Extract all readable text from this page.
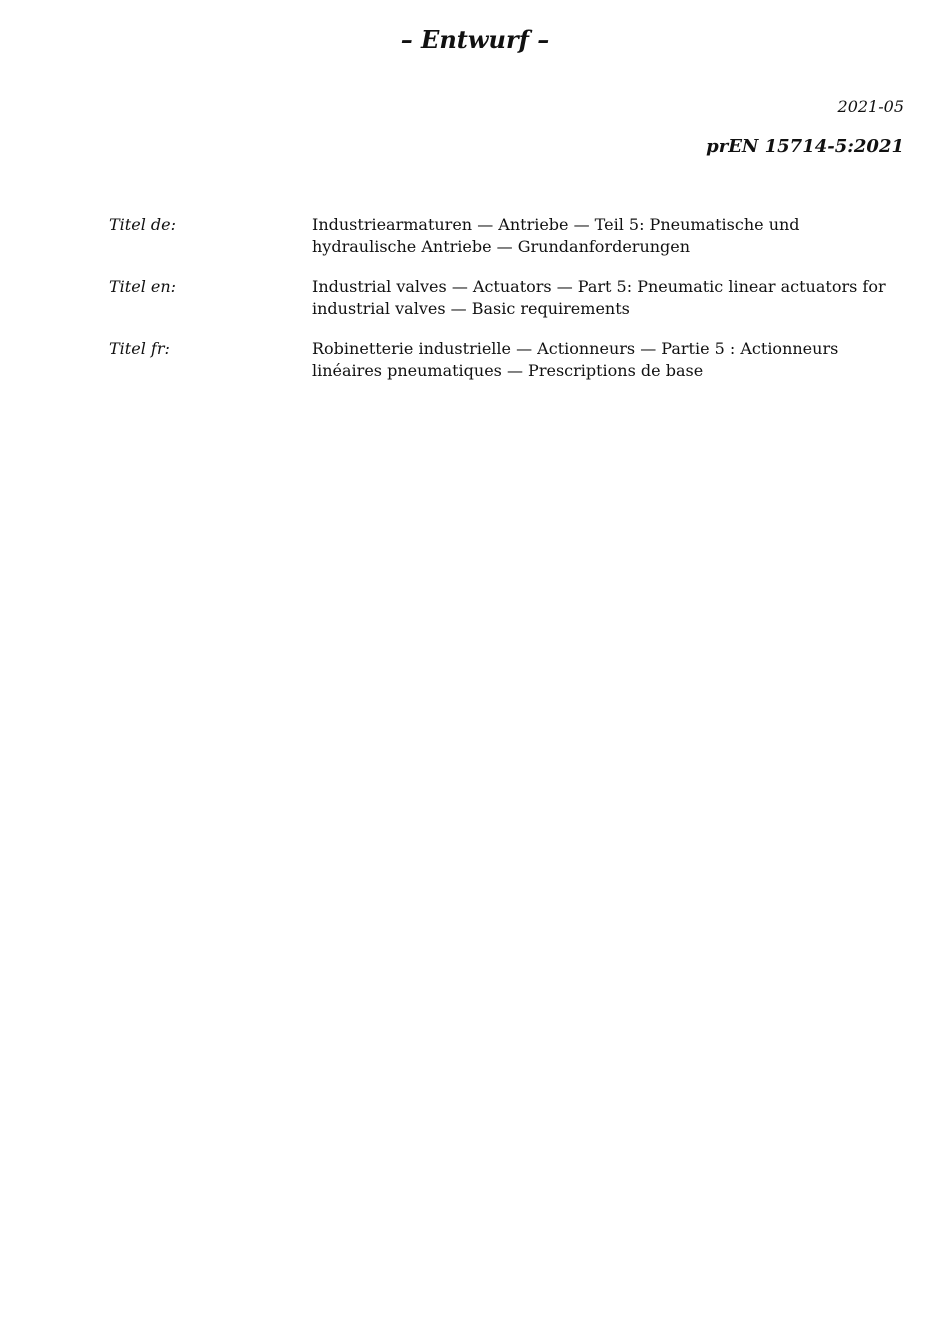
– Entwurf –
2021-05
prEN 15714-5:2021
Titel de:	Industriearmaturen — Antriebe — Teil 5: Pneumatische und hydraulische Antriebe — Grundanforderungen
Titel en:	Industrial valves — Actuators — Part 5: Pneumatic linear actuators for industrial valves — Basic requirements
Titel fr:	Robinetterie industrielle — Actionneurs — Partie 5 : Actionneurs linéaires pneumatiques — Prescriptions de base
